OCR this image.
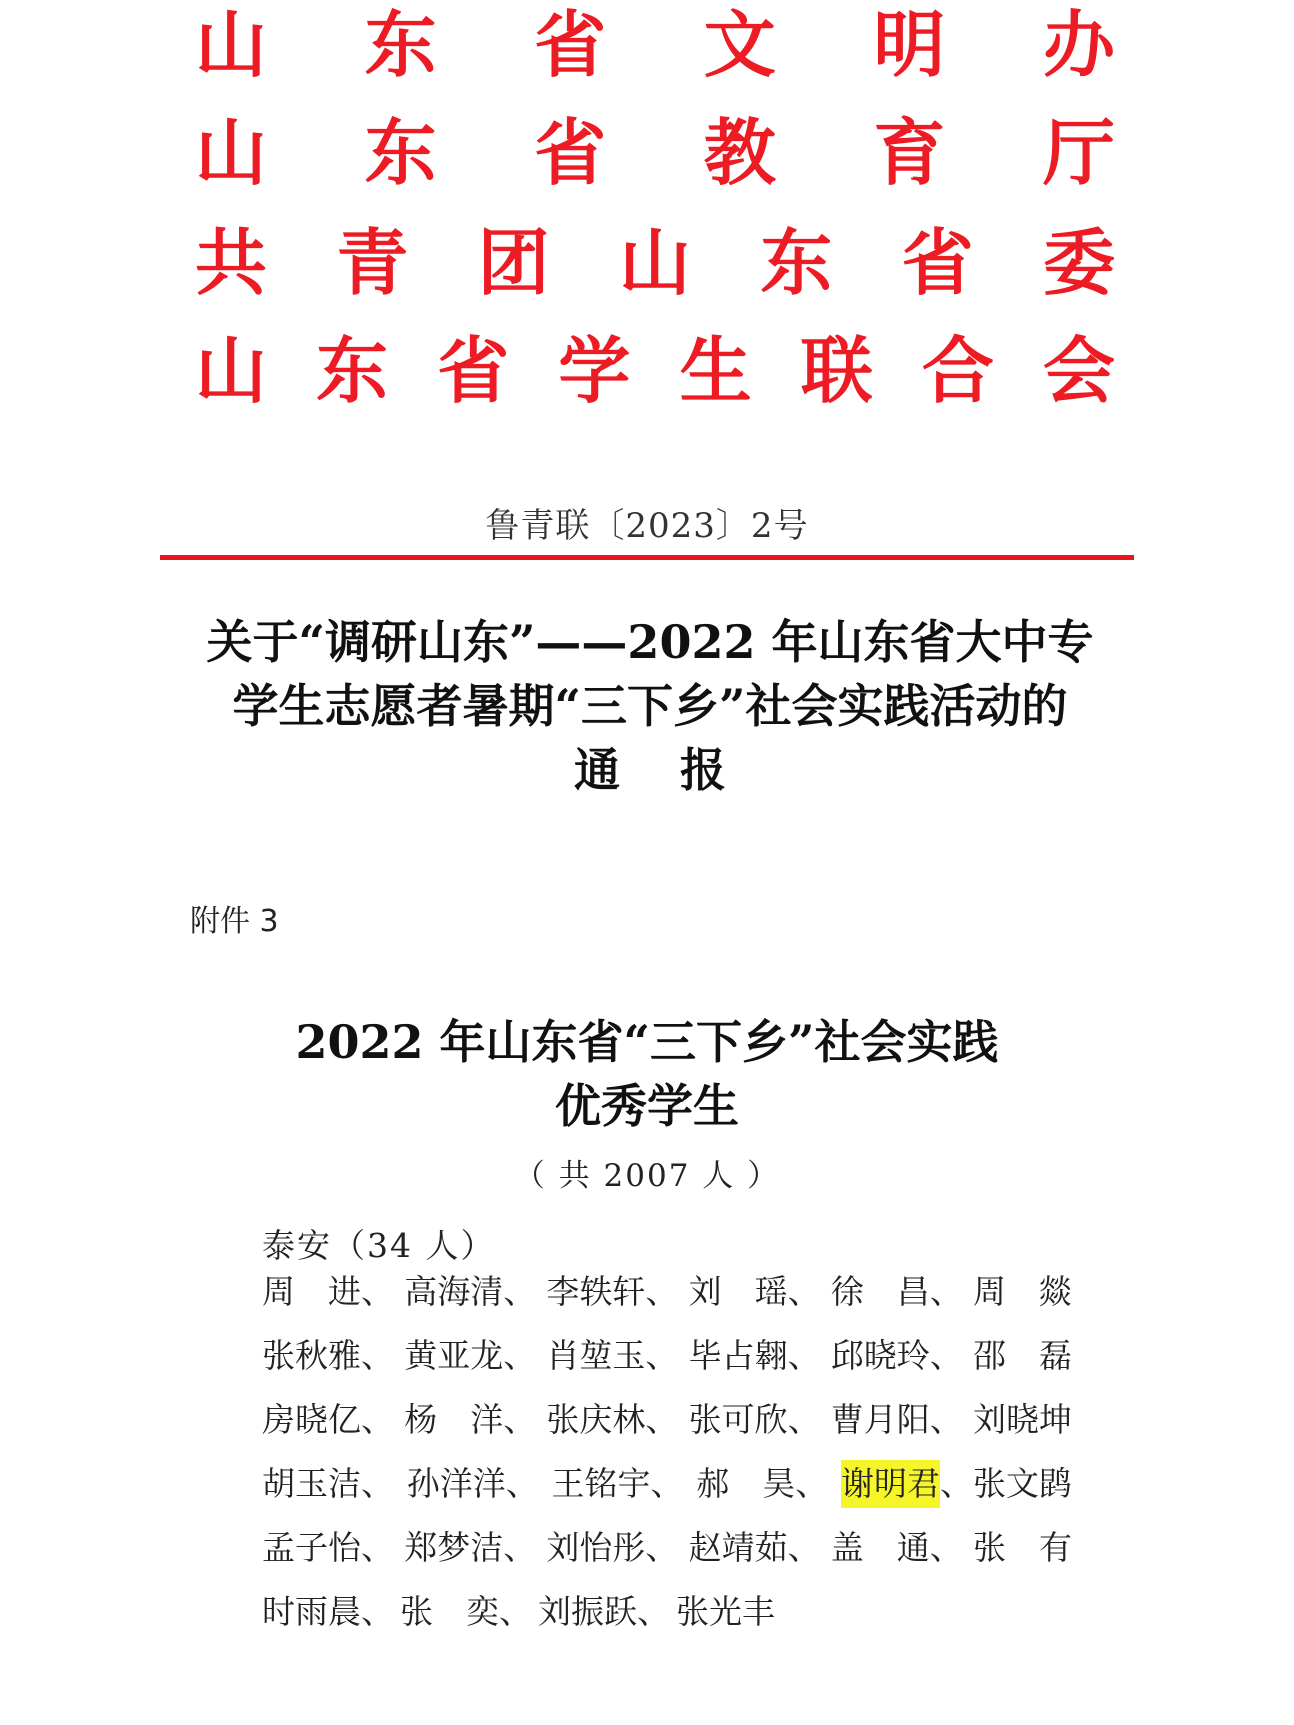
山 东 省 文 明 办
山 东 省 教 育 厅
共 青 团 山 东 省 委
山 东 省 学 生 联 合 会
鲁青联〔2023〕2号
关于“调研山东”——2022 年山东省大中专
学生志愿者暑期“三下乡”社会实践活动的
通报
附件 3
2022 年山东省“三下乡”社会实践
优秀学生
（ 共 2007 人 ）
泰安（34 人）
周　进、 高海清、 李轶轩、 刘　瑶、 徐　昌、 周　燚
张秋雅、 黄亚龙、 肖堃玉、 毕占翱、 邱晓玲、 邵　磊
房晓亿、 杨　洋、 张庆林、 张可欣、 曹月阳、 刘晓坤
胡玉洁、 孙洋洋、 王铭宇、 郝　昊、 谢明君 、张文鹍
孟子怡、 郑梦洁、 刘怡彤、 赵靖茹、 盖　通、 张　有
时雨晨、 张　奕、 刘振跃、 张光丰
